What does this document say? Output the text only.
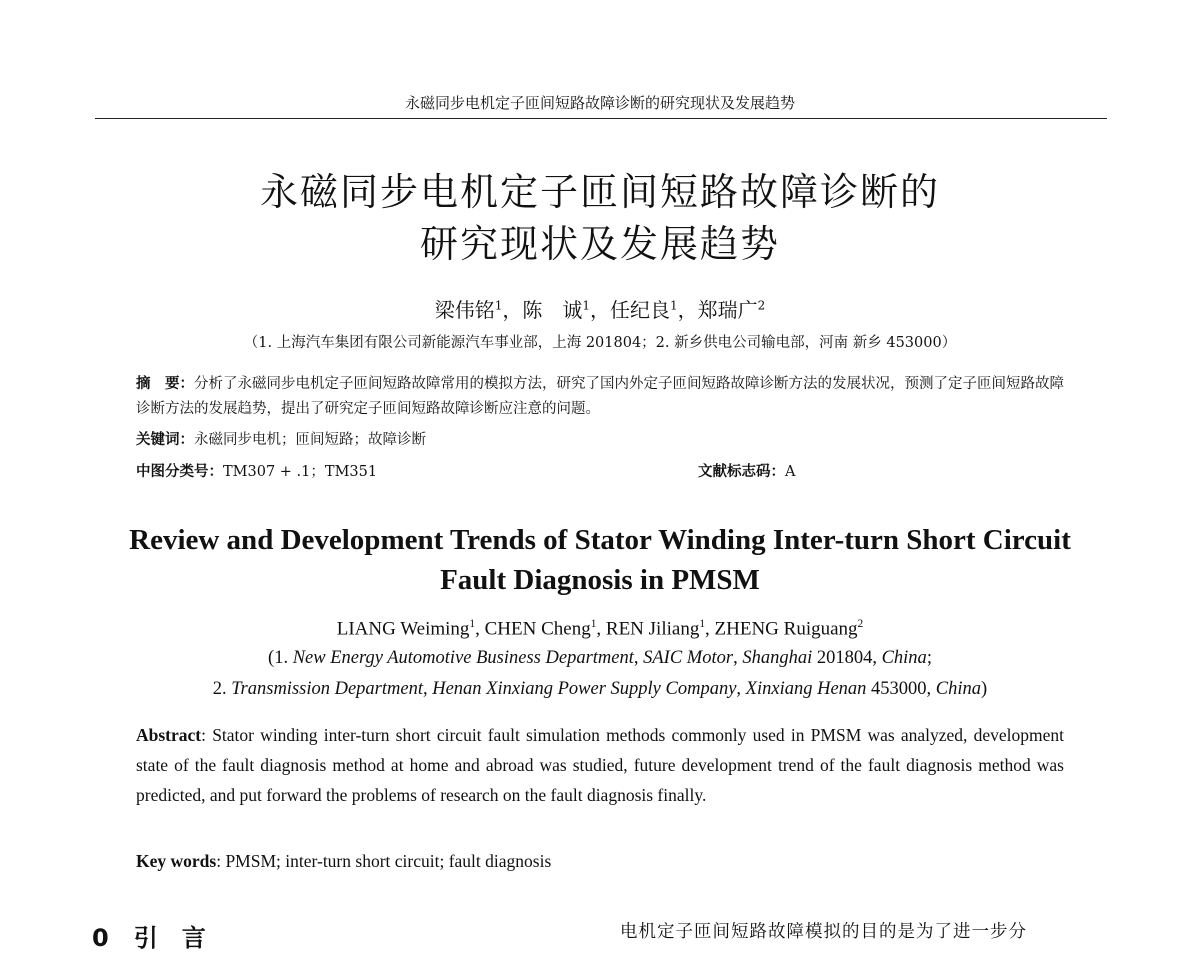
永磁同步电机定子匝间短路故障诊断的研究现状及发展趋势
永磁同步电机定子匝间短路故障诊断的
研究现状及发展趋势
梁伟铭$^1$，陈　诚$^1$，任纪良$^1$，郑瑞广$^2$
（1. 上海汽车集团有限公司新能源汽车事业部，上海 201804；2. 新乡供电公司输电部，河南 新乡 453000）
摘　要：分析了永磁同步电机定子匝间短路故障常用的模拟方法，研究了国内外定子匝间短路故障诊断方法的发展状况，预测了定子匝间短路故障诊断方法的发展趋势，提出了研究定子匝间短路故障诊断应注意的问题。
关键词：永磁同步电机；匝间短路；故障诊断
中图分类号：TM307 + .1；TM351	文献标志码：A
Review and Development Trends of Stator Winding Inter-turn Short Circuit
Fault Diagnosis in PMSM
LIANG Weiming$^1$, CHEN Cheng$^1$, REN Jiliang$^1$, ZHENG Ruiguang$^2$
(1. New Energy Automotive Business Department, SAIC Motor, Shanghai 201804, China;
2. Transmission Department, Henan Xinxiang Power Supply Company, Xinxiang Henan 453000, China)
Abstract: Stator winding inter-turn short circuit fault simulation methods commonly used in PMSM was analyzed, development state of the fault diagnosis method at home and abroad was studied, future development trend of the fault diagnosis method was predicted, and put forward the problems of research on the fault diagnosis finally.
Key words: PMSM; inter-turn short circuit; fault diagnosis
0 引　言	电机定子匝间短路故障模拟的目的是为了进一步分
